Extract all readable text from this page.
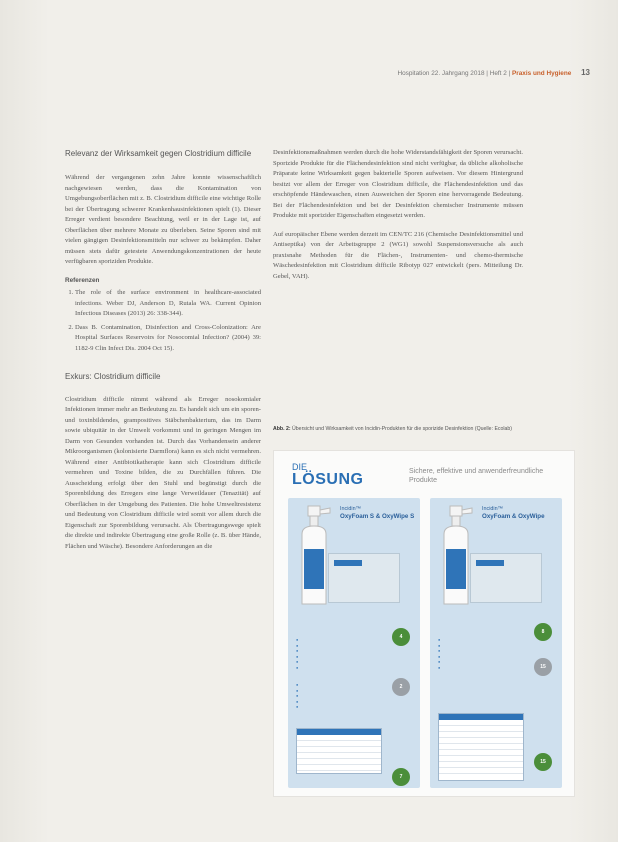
Hospitation 22. Jahrgang 2018 | Heft 2 | Praxis und Hygiene 13
Relevanz der Wirksamkeit gegen Clostridium difficile

Während der vergangenen zehn Jahre konnte wissenschaftlich nachgewiesen werden, dass die Kontamination von Umgebungsoberflächen mit z. B. Clostridium difficile eine wichtige Rolle bei der Übertragung schwerer Krankenhausinfektionen spielt (1). Dieser Erreger verdient besondere Beachtung, weil er in der Lage ist, auf Oberflächen über mehrere Monate zu überleben. Seine Sporen sind mit vielen gängigen Desinfektionsmitteln nur schwer zu bekämpfen. Daher müssen stets dafür getestete Anwendungskonzentrationen der heute verfügbaren sporiziden Produkte.

Referenzen
1. The role of the surface environment in healthcare-associated infections. Weber DJ, Anderson D, Rutala WA. Current Opinion Infectious Diseases (2013) 26: 338-344).
2. Dass B. Contamination, Disinfection and Cross-Colonization: Are Hospital Surfaces Reservoirs for Nosocomial Infection? (2004) 39: 1182-9 Clin Infect Dis. 2004 Oct 15).
Exkurs: Clostridium difficile

Clostridium difficile nimmt während als Erreger nosokomialer Infektionen immer mehr an Bedeutung zu. Es handelt sich um ein sporen- und toxinbildendes, grampositives Stäbchenbakterium, das im Darm sowie ubiquitär in der Umwelt vorkommt und in geringen Mengen im Darm von Gesunden vorhanden ist. Durch das Vorhandensein anderer Mikroorganismen (kolonisierte Darmflora) kann es sich nicht vermehren. Während einer Antibiotikatherapie kann sich Clostridium difficile vermehren und Toxine bilden, die zu Durchfällen führen. Die Ausscheidung erfolgt über den Stuhl und begünstigt durch die Sporenbildung des Erregers eine lange Verweildauer (Tenazität) auf Oberflächen in der Umgebung des Patienten. Die hohe Umweltresistenz und Bedeutung von Clostridium difficile wird somit vor allem durch die Eigenschaft zur Sporenbildung verursacht. Als Übertragungswege spielt die direkte und indirekte Übertragung eine große Rolle (z. B. über Hände, Flächen und Wäsche). Besondere Anforderungen an die

Desinfektionsmaßnahmen werden durch die hohe Widerstandsfähigkeit der Sporen verursacht. Sporizide Produkte für die Flächendesinfektion sind nicht verfügbar, da übliche alkoholische Präparate keine Wirksamkeit gegen bakterielle Sporen aufweisen. Vor diesem Hintergrund besitzt vor allem der Erreger von Clostridium difficile, die Flächendesinfektion und das erschöpfende Händewaschen, einen Ausweichen der Sporen eine hervorragende Bedeutung. Bei der Flächendesinfektion und bei der Desinfektion chemischer Instrumente müssen Produkte mit sporizider Eigenschaften eingesetzt werden.

Auf europäischer Ebene werden derzeit im CEN/TC 216 (Chemische Desinfektionsmittel und Antiseptika) von der Arbeitsgruppe 2 (WG1) sowohl Suspensionsversuche als auch praxisnahe Methoden für die Flächen-, Instrumenten- und chemo-thermische Wäschedesinfektion mit Clostridium difficile Ribotyp 027 entwickelt (pers. Mitteilung Dr. Gebel, VAH).

Abb. 2: Übersicht und Wirksamkeit von Incidin-Produkten für die sporizide Desinfektion (Quelle: Ecolab)
DIE
LÖSUNG	Sichere, effektive und anwenderfreundliche Produkte
Incidin™
OxyFoam S & OxyWipe S
4
2
7
●
●
●
●
●
●
●
●
●
●
●
Incidin™
OxyFoam & OxyWipe
8
15
15
●
●
●
●
●
●
